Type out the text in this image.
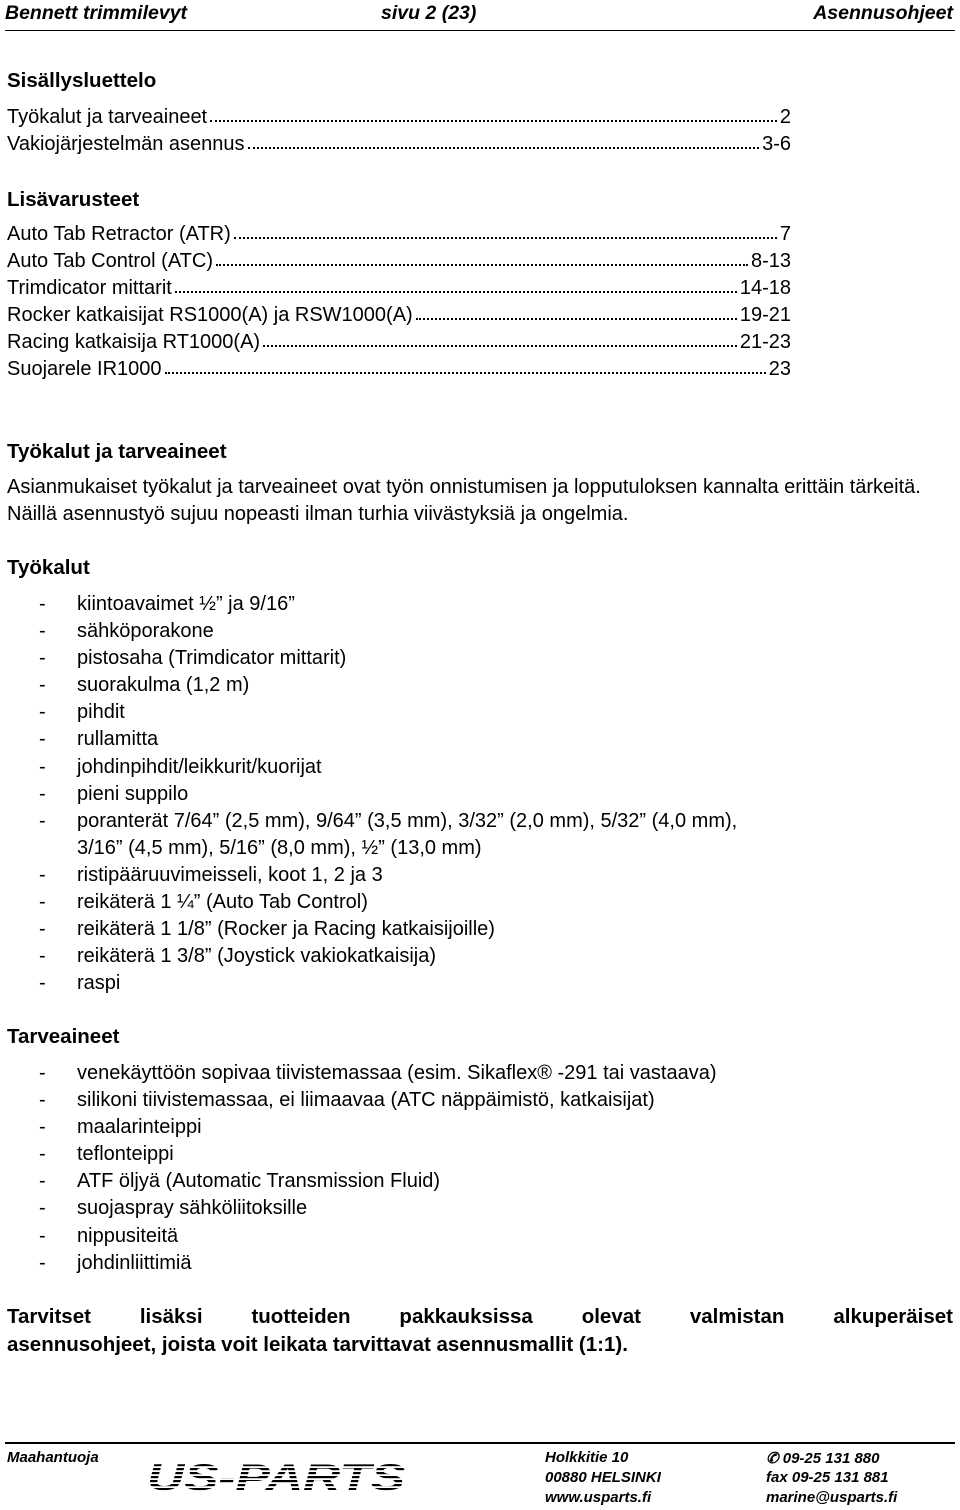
Bennett trimmilevyt	sivu 2 (23)	Asennusohjeet
Sisällysluettelo
Työkalut ja tarveaineet	2
Vakiojärjestelmän asennus	3-6
Lisävarusteet
Auto Tab Retractor (ATR)	7
Auto Tab Control (ATC)	8-13
Trimdicator mittarit	14-18
Rocker katkaisijat RS1000(A) ja RSW1000(A)	19-21
Racing katkaisija RT1000(A)	21-23
Suojarele IR1000	23
Työkalut ja tarveaineet
Asianmukaiset työkalut ja tarveaineet ovat työn onnistumisen ja lopputuloksen kannalta erittäin tärkeitä. Näillä asennustyö sujuu nopeasti ilman turhia viivästyksiä ja ongelmia.
Työkalut
- kiintoavaimet ½” ja 9/16”
- sähköporakone
- pistosaha (Trimdicator mittarit)
- suorakulma (1,2 m)
- pihdit
- rullamitta
- johdinpihdit/leikkurit/kuorijat
- pieni suppilo
- poranterät 7/64” (2,5 mm), 9/64” (3,5 mm), 3/32” (2,0 mm), 5/32” (4,0 mm),
3/16” (4,5 mm), 5/16” (8,0 mm), ½” (13,0 mm)
- ristipääruuvimeisseli, koot 1, 2 ja 3
- reikäterä 1 ¼” (Auto Tab Control)
- reikäterä 1 1/8” (Rocker ja Racing katkaisijoille)
- reikäterä 1 3/8” (Joystick vakiokatkaisija)
- raspi
Tarveaineet
- venekäyttöön sopivaa tiivistemassaa (esim. Sikaflex® -291 tai vastaava)
- silikoni tiivistemassaa, ei liimaavaa (ATC näppäimistö, katkaisijat)
- maalarinteippi
- teflonteippi
- ATF öljyä (Automatic Transmission Fluid)
- suojaspray sähköliitoksille
- nippusiteitä
- johdinliittimiä
Tarvitset lisäksi tuotteiden pakkauksissa olevat valmistan alkuperäiset
asennusohjeet, joista voit leikata tarvittavat asennusmallit (1:1).
Maahantuoja US-PARTS	Holkkitie 10
00880 HELSINKI
www.usparts.fi
✆ 09-25 131 880
fax 09-25 131 881
marine@usparts.fi
